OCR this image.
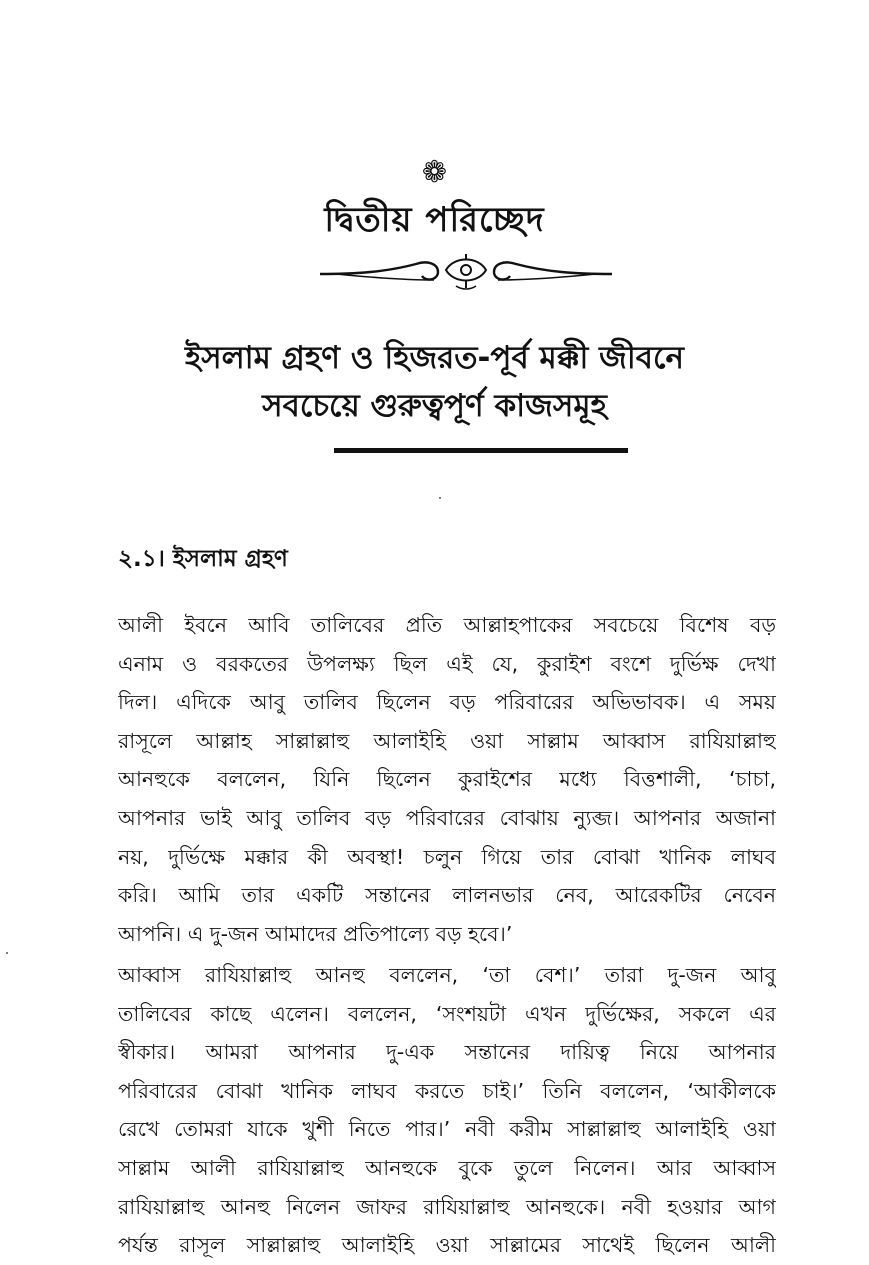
❁
দ্বিতীয় পরিচ্ছেদ
ইসলাম গ্রহণ ও হিজরত-পূর্ব মক্কী জীবনে
সবচেয়ে গুরুত্বপূর্ণ কাজসমূহ
২.১। ইসলাম গ্রহণ
আলী ইবনে আবি তালিবের প্রতি আল্লাহপাকের সবচেয়ে বিশেষ বড়
এনাম ও বরকতের উপলক্ষ্য ছিল এই যে, কুরাইশ বংশে দুর্ভিক্ষ দেখা
দিল। এদিকে আবু তালিব ছিলেন বড় পরিবারের অভিভাবক। এ সময়
রাসূলে আল্লাহ সাল্লাল্লাহু আলাইহি ওয়া সাল্লাম আব্বাস রাযিয়াল্লাহু
আনহুকে বললেন, যিনি ছিলেন কুরাইশের মধ্যে বিত্তশালী, ‘চাচা,
আপনার ভাই আবু তালিব বড় পরিবারের বোঝায় ন্যুব্জ। আপনার অজানা
নয়, দুর্ভিক্ষে মক্কার কী অবস্থা! চলুন গিয়ে তার বোঝা খানিক লাঘব
করি। আমি তার একটি সন্তানের লালনভার নেব, আরেকটির নেবেন
আপনি। এ দু-জন আমাদের প্রতিপাল্যে বড় হবে।’
আব্বাস রাযিয়াল্লাহু আনহু বললেন, ‘তা বেশ।’ তারা দু-জন আবু
তালিবের কাছে এলেন। বললেন, ‘সংশয়টা এখন দুর্ভিক্ষের, সকলে এর
স্বীকার। আমরা আপনার দু-এক সন্তানের দায়িত্ব নিয়ে আপনার
পরিবারের বোঝা খানিক লাঘব করতে চাই।’ তিনি বললেন, ‘আকীলকে
রেখে তোমরা যাকে খুশী নিতে পার।’ নবী করীম সাল্লাল্লাহু আলাইহি ওয়া
সাল্লাম আলী রাযিয়াল্লাহু আনহুকে বুকে তুলে নিলেন। আর আব্বাস
রাযিয়াল্লাহু আনহু নিলেন জাফর রাযিয়াল্লাহু আনহুকে। নবী হওয়ার আগ
পর্যন্ত রাসূল সাল্লাল্লাহু আলাইহি ওয়া সাল্লামের সাথেই ছিলেন আলী
